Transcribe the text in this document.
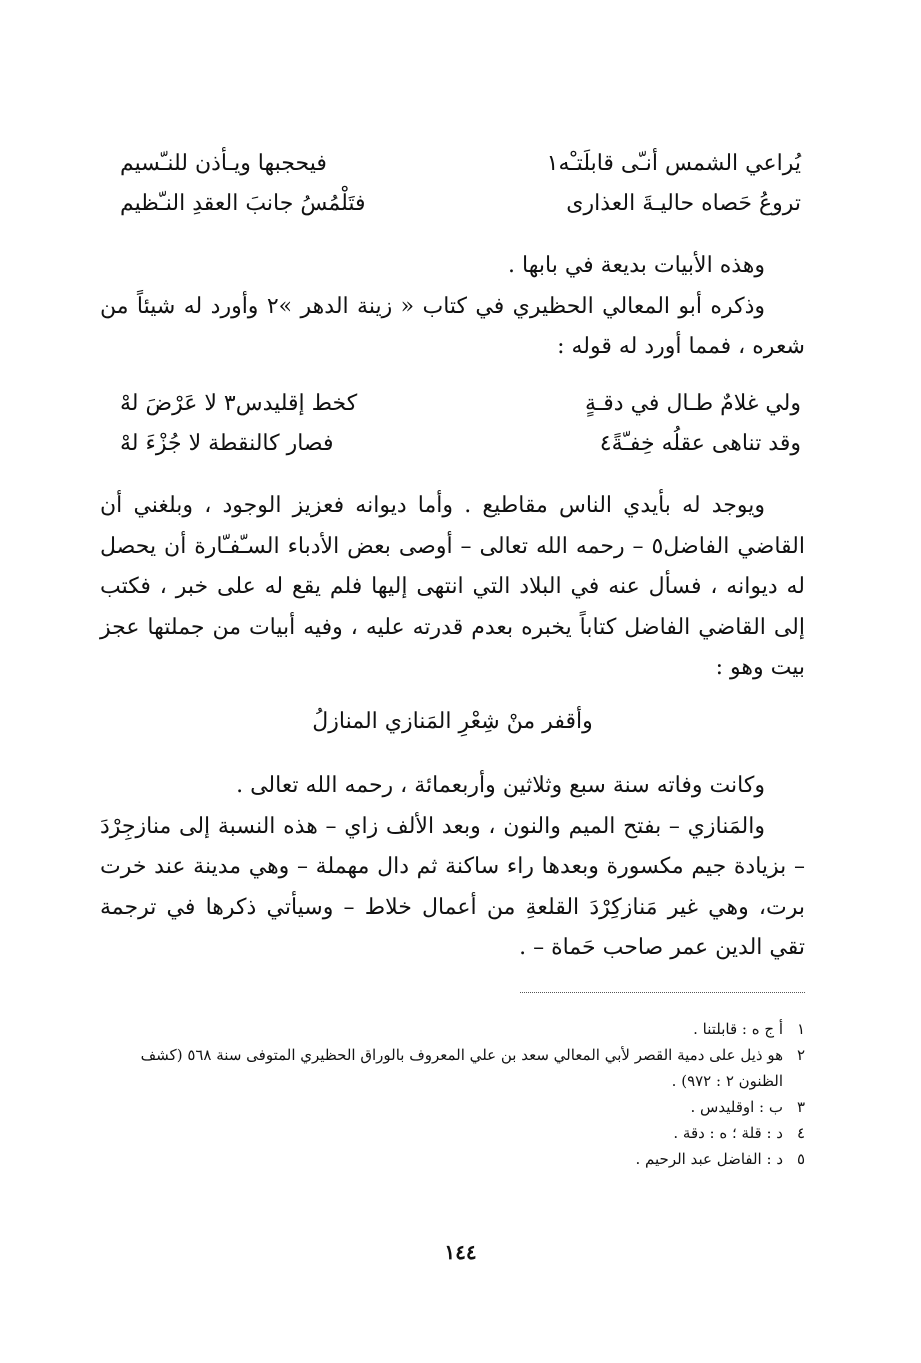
يُراعي الشمس أنـّى قابلَتـْه١
فيحجبها ويـأذن للنـّسيم
تروعُ حَصاه حاليـةَ العذارى
فتَلْمُسُ جانبَ العقدِ النـّظيم

وهذه الأبيات بديعة في بابها .

وذكره أبو المعالي الحظيري في كتاب « زينة الدهر »٢ وأورد له شيئاً من شعره ، فمما أورد له قوله :

ولي غلامٌ طـال في دقـةٍ
كخط إقليدس٣ لا عَرْضَ لهْ
وقد تناهى عقلُه خِفـّةً٤
فصار كالنقطة لا جُزْءَ لهْ

ويوجد له بأيدي الناس مقاطيع . وأما ديوانه فعزيز الوجود ، وبلغني أن القاضي الفاضل٥ – رحمه الله تعالى – أوصى بعض الأدباء السـّفـّارة أن يحصل له ديوانه ، فسأل عنه في البلاد التي انتهى إليها فلم يقع له على خبر ، فكتب إلى القاضي الفاضل كتاباً يخبره بعدم قدرته عليه ، وفيه أبيات من جملتها عجز بيت وهو :

وأقفر منْ شِعْرِ المَنازي المنازلُ

وكانت وفاته سنة سبع وثلاثين وأربعمائة ، رحمه الله تعالى .

والمَنازي – بفتح الميم والنون ، وبعد الألف زاي – هذه النسبة إلى منازجِرْدَ – بزيادة جيم مكسورة وبعدها راء ساكنة ثم دال مهملة – وهي مدينة عند خرت برت، وهي غير مَنازكِرْدَ القلعةِ من أعمال خلاط – وسيأتي ذكرها في ترجمة تقي الدين عمر صاحب حَماة – .

١
أ ج ه : قابلتنا .
٢
هو ذيل على دمية القصر لأبي المعالي سعد بن علي المعروف بالوراق الحظيري المتوفى سنة ٥٦٨ (كشف الظنون ٢ : ٩٧٢) .
٣
ب : اوقليدس .
٤
د : قلة ؛ ه : دقة .
٥
د : الفاضل عبد الرحيم .
١٤٤
